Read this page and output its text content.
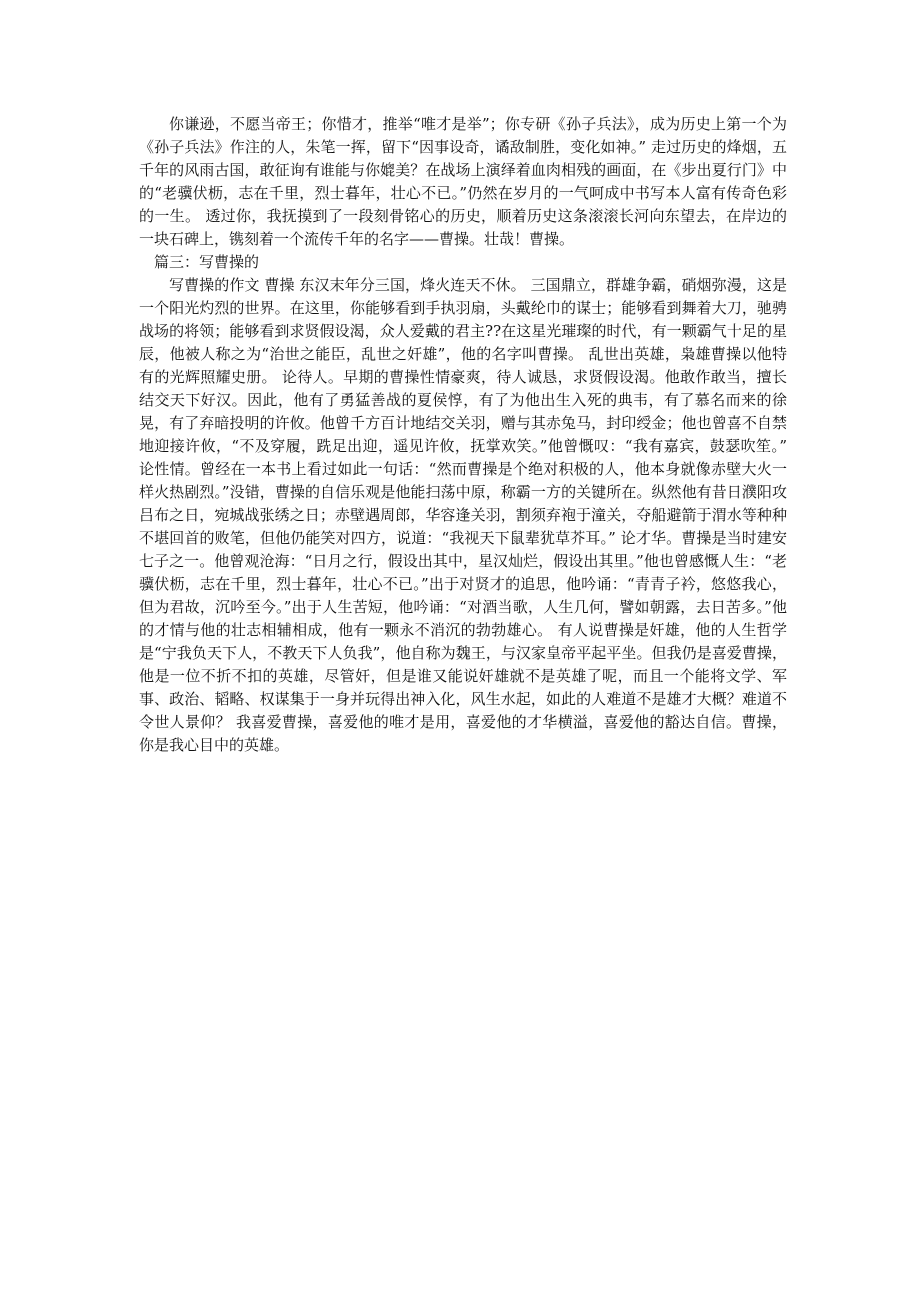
你谦逊，不愿当帝王；你惜才，推举“唯才是举”；你专研《孙子兵法》，成为历史上第一个为《孙子兵法》作注的人，朱笔一挥，留下“因事设奇，谲敌制胜，变化如神。” 走过历史的烽烟，五千年的风雨古国，敢征询有谁能与你媲美？在战场上演绎着血肉相残的画面，在《步出夏行门》中的“老骥伏枥，志在千里，烈士暮年，壮心不已。”仍然在岁月的一气呵成中书写本人富有传奇色彩的一生。 透过你，我抚摸到了一段刻骨铭心的历史，顺着历史这条滚滚长河向东望去，在岸边的一块石碑上，镌刻着一个流传千年的名字——曹操。壮哉！曹操。

篇三：写曹操的

写曹操的作文 曹操 东汉末年分三国，烽火连天不休。 三国鼎立，群雄争霸，硝烟弥漫，这是一个阳光灼烈的世界。在这里，你能够看到手执羽扇，头戴纶巾的谋士；能够看到舞着大刀，驰骋战场的将领；能够看到求贤假设渴，众人爱戴的君主??在这星光璀璨的时代，有一颗霸气十足的星辰，他被人称之为“治世之能臣，乱世之奸雄”，他的名字叫曹操。 乱世出英雄，枭雄曹操以他特有的光辉照耀史册。 论待人。早期的曹操性情豪爽，待人诚恳，求贤假设渴。他敢作敢当，擅长结交天下好汉。因此，他有了勇猛善战的夏侯惇，有了为他出生入死的典韦，有了慕名而来的徐晃，有了弃暗投明的许攸。他曾千方百计地结交关羽，赠与其赤兔马，封印绶金；他也曾喜不自禁地迎接许攸，“不及穿履，跣足出迎，遥见许攸，抚掌欢笑。”他曾慨叹：“我有嘉宾，鼓瑟吹笙。” 论性情。曾经在一本书上看过如此一句话：“然而曹操是个绝对积极的人，他本身就像赤壁大火一样火热剧烈。”没错，曹操的自信乐观是他能扫荡中原，称霸一方的关键所在。纵然他有昔日濮阳攻吕布之日，宛城战张绣之日；赤壁遇周郎，华容逢关羽，割须弃袍于潼关，夺船避箭于渭水等种种不堪回首的败笔，但他仍能笑对四方，说道：“我视天下鼠辈犹草芥耳。” 论才华。曹操是当时建安七子之一。他曾观沧海：“日月之行，假设出其中，星汉灿烂，假设出其里。”他也曾感慨人生：“老骥伏枥，志在千里，烈士暮年，壮心不已。”出于对贤才的追思，他吟诵：“青青子衿，悠悠我心，但为君故，沉吟至今。”出于人生苦短，他吟诵：“对酒当歌，人生几何，譬如朝露，去日苦多。”他的才情与他的壮志相辅相成，他有一颗永不消沉的勃勃雄心。 有人说曹操是奸雄，他的人生哲学是“宁我负天下人，不教天下人负我”，他自称为魏王，与汉家皇帝平起平坐。但我仍是喜爱曹操，他是一位不折不扣的英雄，尽管奸，但是谁又能说奸雄就不是英雄了呢，而且一个能将文学、军事、政治、韬略、权谋集于一身并玩得出神入化，风生水起，如此的人难道不是雄才大概？难道不令世人景仰？ 我喜爱曹操，喜爱他的唯才是用，喜爱他的才华横溢，喜爱他的豁达自信。曹操，你是我心目中的英雄。
